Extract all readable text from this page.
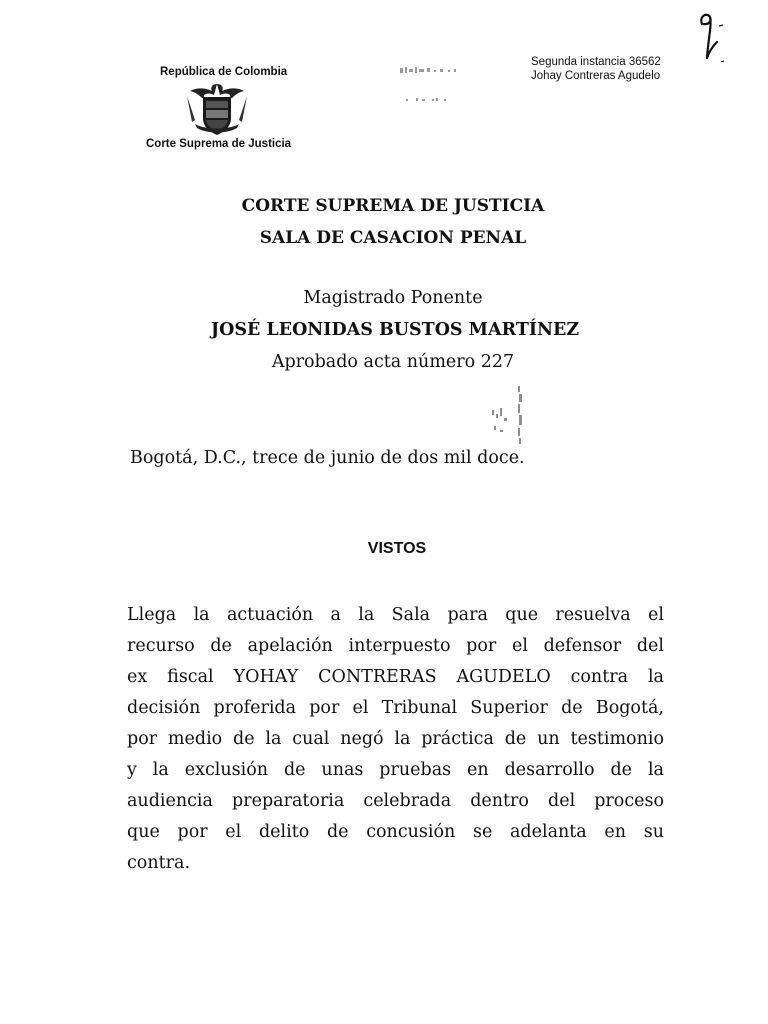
República de Colombia
Corte Suprema de Justicia
Segunda instancia 36562
Johay Contreras Agudelo
CORTE SUPREMA DE JUSTICIA
SALA DE CASACION PENAL
Magistrado Ponente
JOSÉ LEONIDAS BUSTOS MARTÍNEZ
Aprobado acta número 227
Bogotá, D.C., trece de junio de dos mil doce.
VISTOS
Llega la actuación a la Sala para que resuelva el
recurso de apelación interpuesto por el defensor del
ex fiscal YOHAY CONTRERAS AGUDELO contra la
decisión proferida por el Tribunal Superior de Bogotá,
por medio de la cual negó la práctica de un testimonio
y la exclusión de unas pruebas en desarrollo de la
audiencia preparatoria celebrada dentro del proceso
que por el delito de concusión se adelanta en su
contra.
